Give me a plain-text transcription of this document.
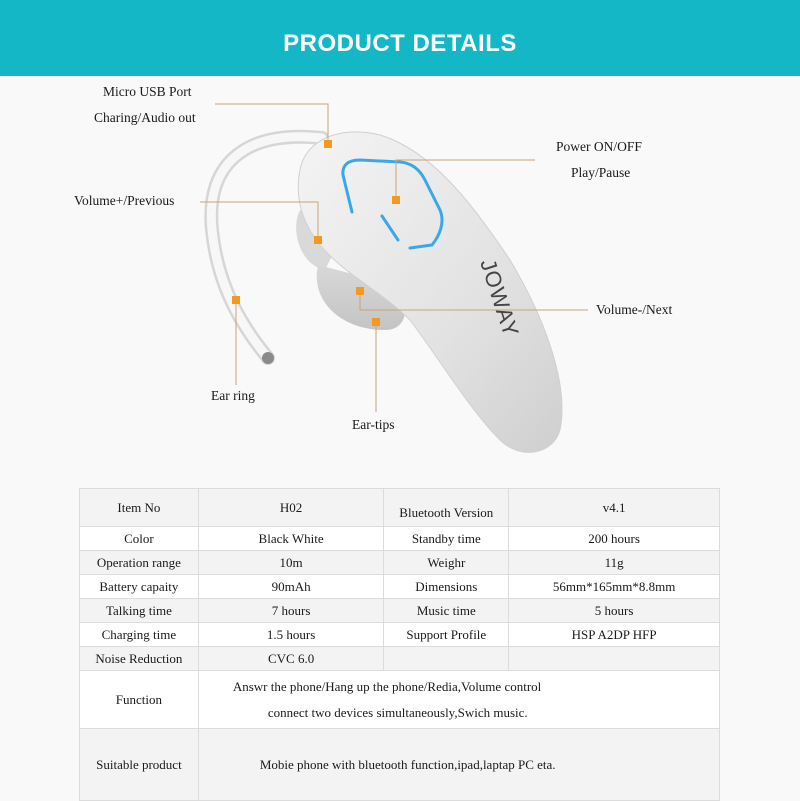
PRODUCT DETAILS
JOWAY
Micro USB Port
Charing/Audio out
Volume+/Previous
Power ON/OFF
Play/Pause
Volume-/Next
Ear ring
Ear-tips
Item No	H02	Bluetooth Version	v4.1
Color	Black White	Standby time	200 hours
Operation range	10m	Weighr	11g
Battery capaity	90mAh	Dimensions	56mm*165mm*8.8mm
Talking time	7 hours	Music time	5 hours
Charging time	1.5 hours	Support Profile	HSP A2DP HFP
Noise Reduction	CVC 6.0		
Function	Answr the phone/Hang up the phone/Redia,Volume control
connect two devices simultaneously,Swich music.		

Suitable product	Mobie phone with bluetooth function,ipad,laptap PC eta.		
